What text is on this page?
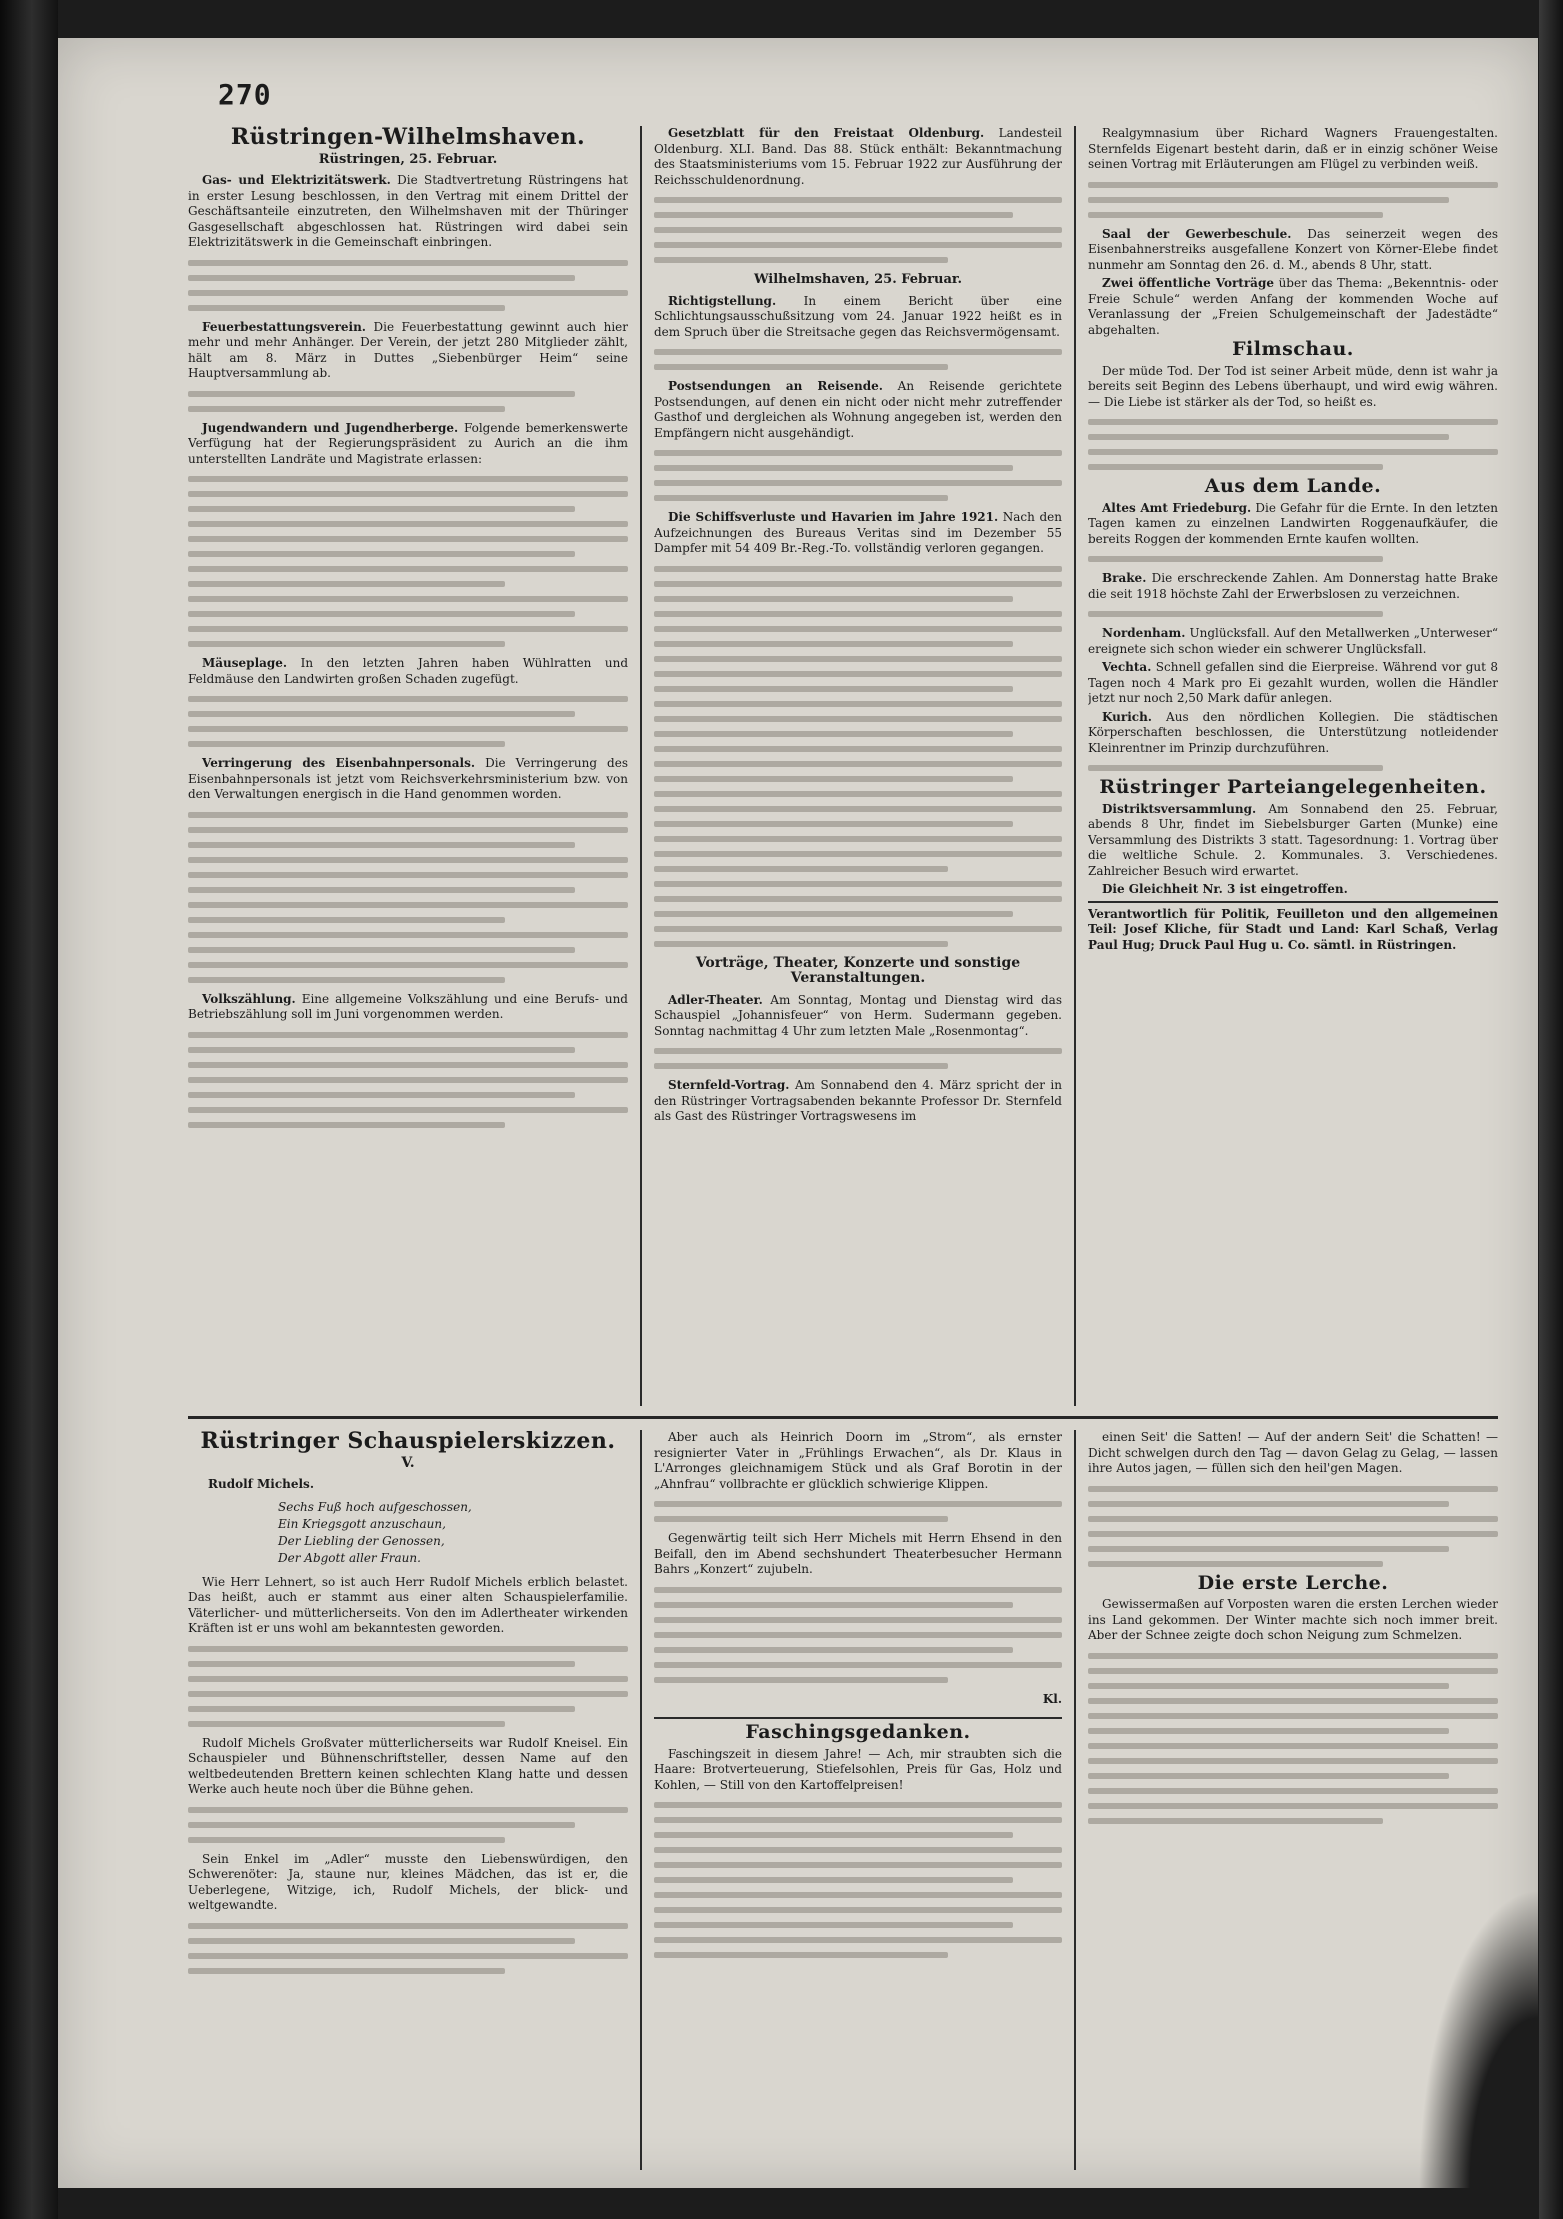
270
Rüstringen-Wilhelmshaven.
Rüstringen, 25. Februar.

Gas- und Elektrizitätswerk. Die Stadtvertretung Rüstringens hat in erster Lesung beschlossen, in den Vertrag mit einem Drittel der Geschäftsanteile einzutreten, den Wilhelmshaven mit der Thüringer Gasgesellschaft abgeschlossen hat. Rüstringen wird dabei sein Elektrizitätswerk in die Gemeinschaft einbringen.

Feuerbestattungsverein. Die Feuerbestattung gewinnt auch hier mehr und mehr Anhänger. Der Verein, der jetzt 280 Mitglieder zählt, hält am 8. März in Duttes „Siebenbürger Heim“ seine Hauptversammlung ab.

Jugendwandern und Jugendherberge. Folgende bemerkenswerte Verfügung hat der Regierungspräsident zu Aurich an die ihm unterstellten Landräte und Magistrate erlassen:

Mäuseplage. In den letzten Jahren haben Wühlratten und Feldmäuse den Landwirten großen Schaden zugefügt.

Verringerung des Eisenbahnpersonals. Die Verringerung des Eisenbahnpersonals ist jetzt vom Reichsverkehrsministerium bzw. von den Verwaltungen energisch in die Hand genommen worden.

Volkszählung. Eine allgemeine Volkszählung und eine Berufs- und Betriebszählung soll im Juni vorgenommen werden.

Gesetzblatt für den Freistaat Oldenburg. Landesteil Oldenburg. XLI. Band. Das 88. Stück enthält: Bekanntmachung des Staatsministeriums vom 15. Februar 1922 zur Ausführung der Reichsschuldenordnung.

Wilhelmshaven, 25. Februar.

Richtigstellung. In einem Bericht über eine Schlichtungsausschußsitzung vom 24. Januar 1922 heißt es in dem Spruch über die Streitsache gegen das Reichsvermögensamt.

Postsendungen an Reisende. An Reisende gerichtete Postsendungen, auf denen ein nicht oder nicht mehr zutreffender Gasthof und dergleichen als Wohnung angegeben ist, werden den Empfängern nicht ausgehändigt.

Die Schiffsverluste und Havarien im Jahre 1921. Nach den Aufzeichnungen des Bureaus Veritas sind im Dezember 55 Dampfer mit 54 409 Br.-Reg.-To. vollständig verloren gegangen.

Vorträge, Theater, Konzerte und sonstige Veranstaltungen.

Adler-Theater. Am Sonntag, Montag und Dienstag wird das Schauspiel „Johannisfeuer“ von Herm. Sudermann gegeben. Sonntag nachmittag 4 Uhr zum letzten Male „Rosenmontag“.

Sternfeld-Vortrag. Am Sonnabend den 4. März spricht der in den Rüstringer Vortragsabenden bekannte Professor Dr. Sternfeld als Gast des Rüstringer Vortragswesens im

Realgymnasium über Richard Wagners Frauengestalten. Sternfelds Eigenart besteht darin, daß er in einzig schöner Weise seinen Vortrag mit Erläuterungen am Flügel zu verbinden weiß.

Saal der Gewerbeschule. Das seinerzeit wegen des Eisenbahnerstreiks ausgefallene Konzert von Körner-Elebe findet nunmehr am Sonntag den 26. d. M., abends 8 Uhr, statt.

Zwei öffentliche Vorträge über das Thema: „Bekenntnis- oder Freie Schule“ werden Anfang der kommenden Woche auf Veranlassung der „Freien Schulgemeinschaft der Jadestädte“ abgehalten.

Filmschau.

Der müde Tod. Der Tod ist seiner Arbeit müde, denn ist wahr ja bereits seit Beginn des Lebens überhaupt, und wird ewig währen. — Die Liebe ist stärker als der Tod, so heißt es.

Aus dem Lande.

Altes Amt Friedeburg. Die Gefahr für die Ernte. In den letzten Tagen kamen zu einzelnen Landwirten Roggenaufkäufer, die bereits Roggen der kommenden Ernte kaufen wollten.

Brake. Die erschreckende Zahlen. Am Donnerstag hatte Brake die seit 1918 höchste Zahl der Erwerbslosen zu verzeichnen.

Nordenham. Unglücksfall. Auf den Metallwerken „Unterweser“ ereignete sich schon wieder ein schwerer Unglücksfall.

Vechta. Schnell gefallen sind die Eierpreise. Während vor gut 8 Tagen noch 4 Mark pro Ei gezahlt wurden, wollen die Händler jetzt nur noch 2,50 Mark dafür anlegen.

Kurich. Aus den nördlichen Kollegien. Die städtischen Körperschaften beschlossen, die Unterstützung notleidender Kleinrentner im Prinzip durchzuführen.

Rüstringer Parteiangelegenheiten.

Distriktsversammlung. Am Sonnabend den 25. Februar, abends 8 Uhr, findet im Siebelsburger Garten (Munke) eine Versammlung des Distrikts 3 statt. Tagesordnung: 1. Vortrag über die weltliche Schule. 2. Kommunales. 3. Verschiedenes. Zahlreicher Besuch wird erwartet.

Die Gleichheit Nr. 3 ist eingetroffen.

Verantwortlich für Politik, Feuilleton und den allgemeinen Teil: Josef Kliche, für Stadt und Land: Karl Schaß, Verlag Paul Hug; Druck Paul Hug u. Co. sämtl. in Rüstringen.

Rüstringer Schauspielerskizzen.
V.
Rudolf Michels.
Sechs Fuß hoch aufgeschossen,
Ein Kriegsgott anzuschaun,
Der Liebling der Genossen,
Der Abgott aller Fraun.

Wie Herr Lehnert, so ist auch Herr Rudolf Michels erblich belastet. Das heißt, auch er stammt aus einer alten Schauspielerfamilie. Väterlicher- und mütterlicherseits. Von den im Adlertheater wirkenden Kräften ist er uns wohl am bekanntesten geworden.

Rudolf Michels Großvater mütterlicherseits war Rudolf Kneisel. Ein Schauspieler und Bühnenschriftsteller, dessen Name auf den weltbedeutenden Brettern keinen schlechten Klang hatte und dessen Werke auch heute noch über die Bühne gehen.

Sein Enkel im „Adler“ musste den Liebenswürdigen, den Schwerenöter: Ja, staune nur, kleines Mädchen, das ist er, die Ueberlegene, Witzige, ich, Rudolf Michels, der blick- und weltgewandte.

Aber auch als Heinrich Doorn im „Strom“, als ernster resignierter Vater in „Frühlings Erwachen“, als Dr. Klaus in L'Arronges gleichnamigem Stück und als Graf Borotin in der „Ahnfrau“ vollbrachte er glücklich schwierige Klippen.

Gegenwärtig teilt sich Herr Michels mit Herrn Ehsend in den Beifall, den im Abend sechshundert Theaterbesucher Hermann Bahrs „Konzert“ zujubeln.

Kl.
Faschingsgedanken.

Faschingszeit in diesem Jahre! — Ach, mir straubten sich die Haare: Brotverteuerung, Stiefelsohlen, Preis für Gas, Holz und Kohlen, — Still von den Kartoffelpreisen!

einen Seit' die Satten! — Auf der andern Seit' die Schatten! — Dicht schwelgen durch den Tag — davon Gelag zu Gelag, — lassen ihre Autos jagen, — füllen sich den heil'gen Magen.

Die erste Lerche.

Gewissermaßen auf Vorposten waren die ersten Lerchen wieder ins Land gekommen. Der Winter machte sich noch immer breit. Aber der Schnee zeigte doch schon Neigung zum Schmelzen.
